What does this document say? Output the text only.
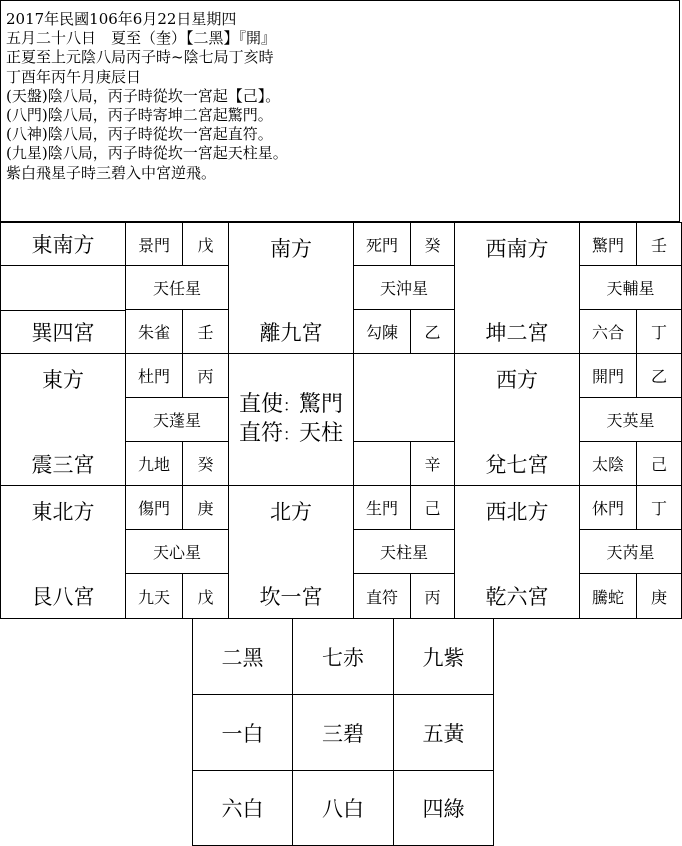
2017年民國106年6月22日星期四
五月二十八日　夏至（奎）【二黑】『開』
正夏至上元陰八局丙子時~陰七局丁亥時
丁酉年丙午月庚辰日
(天盤)陰八局，丙子時從坎一宮起【己】。
(八門)陰八局，丙子時寄坤二宮起驚門。
(八神)陰八局，丙子時從坎一宮起直符。
(九星)陰八局，丙子時從坎一宮起天柱星。
紫白飛星子時三碧入中宮逆飛。
東南方
巽四宮
景門	戊
天任星
朱雀	壬
南方
離九宮
死門	癸
天沖星
勾陳	乙
西南方
坤二宮
驚門	壬
天輔星
六合	丁
東方
震三宮
杜門	丙
天蓬星
九地	癸
直使：驚門
直符：天柱
辛
西方
兌七宮
開門	乙
天英星
太陰	己
東北方
艮八宮
傷門	庚
天心星
九天	戊
北方
坎一宮
生門	己
天柱星
直符	丙
西北方
乾六宮
休門	丁
天芮星
騰蛇	庚
二黑	七赤	九紫
一白	三碧	五黃
六白	八白	四綠
